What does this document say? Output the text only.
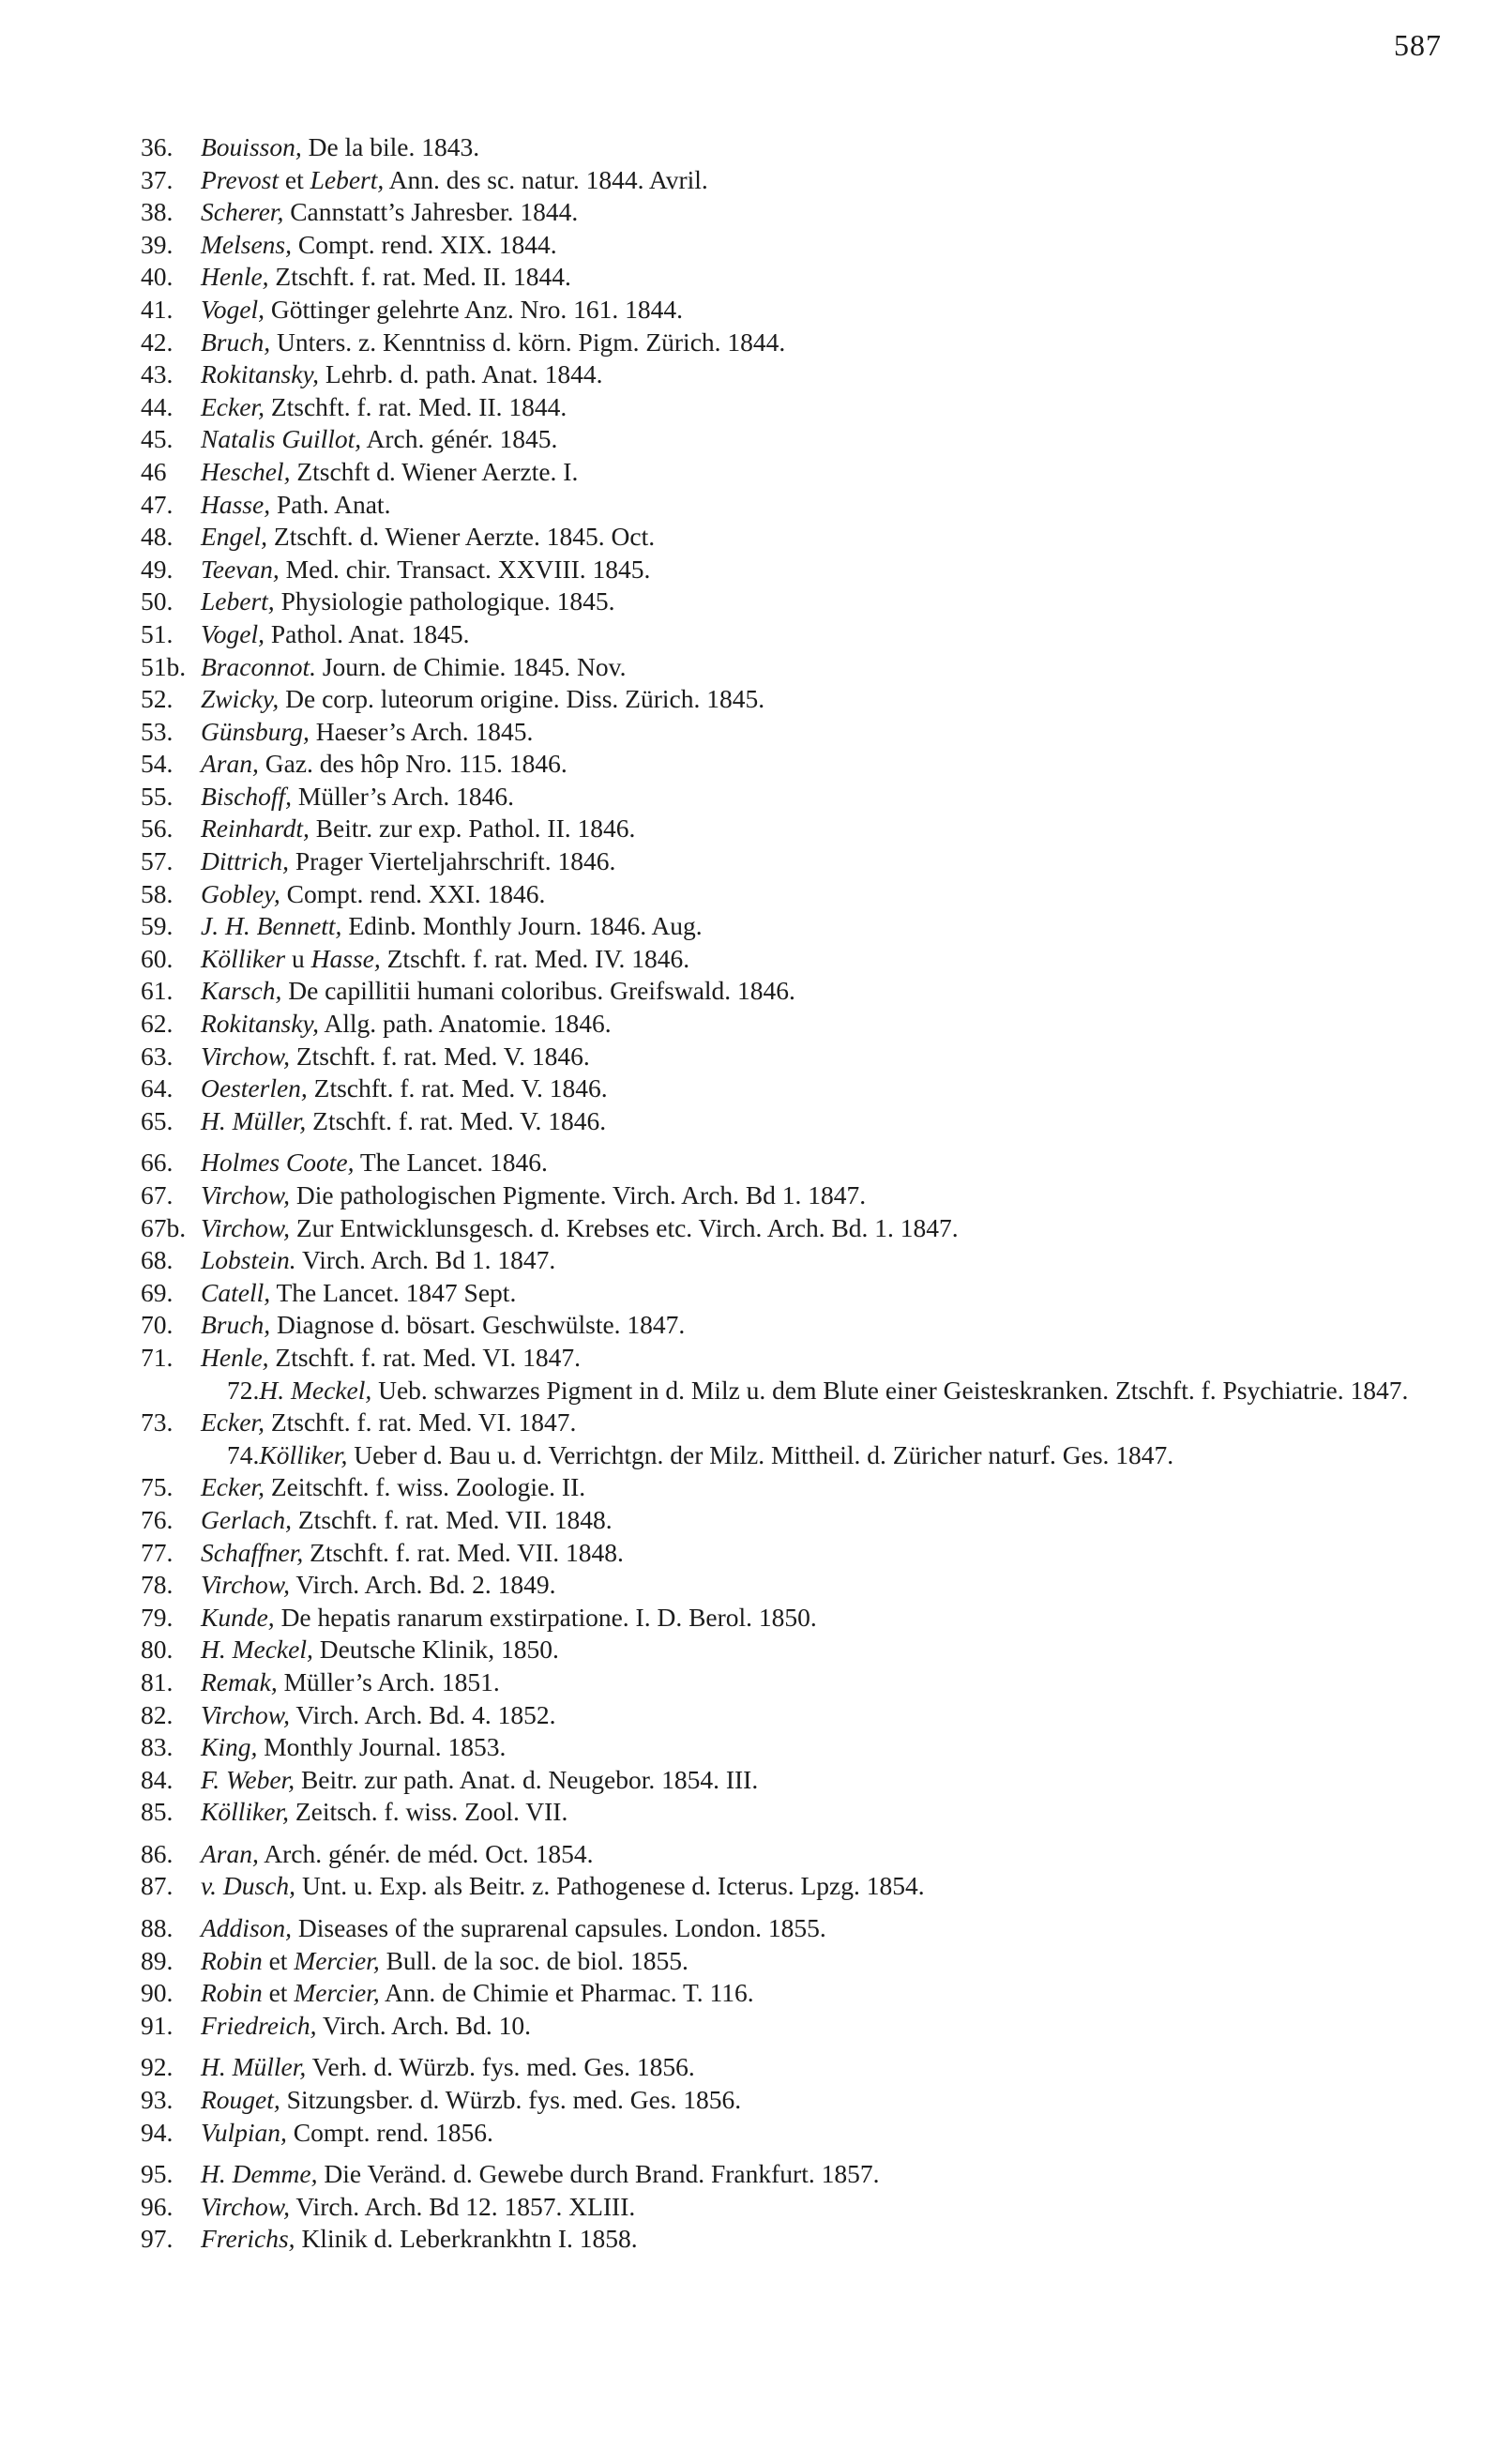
587
36. Bouisson, De la bile. 1843.
37. Prevost et Lebert, Ann. des sc. natur. 1844. Avril.
38. Scherer, Cannstatt’s Jahresber. 1844.
39. Melsens, Compt. rend. XIX. 1844.
40. Henle, Ztschft. f. rat. Med. II. 1844.
41. Vogel, Göttinger gelehrte Anz. Nro. 161. 1844.
42. Bruch, Unters. z. Kenntniss d. körn. Pigm. Zürich. 1844.
43. Rokitansky, Lehrb. d. path. Anat. 1844.
44. Ecker, Ztschft. f. rat. Med. II. 1844.
45. Natalis Guillot, Arch. génér. 1845.
46 Heschel, Ztschft d. Wiener Aerzte. I.
47. Hasse, Path. Anat.
48. Engel, Ztschft. d. Wiener Aerzte. 1845. Oct.
49. Teevan, Med. chir. Transact. XXVIII. 1845.
50. Lebert, Physiologie pathologique. 1845.
51. Vogel, Pathol. Anat. 1845.
51b. Braconnot. Journ. de Chimie. 1845. Nov.
52. Zwicky, De corp. luteorum origine. Diss. Zürich. 1845.
53. Günsburg, Haeser’s Arch. 1845.
54. Aran, Gaz. des hôp Nro. 115. 1846.
55. Bischoff, Müller’s Arch. 1846.
56. Reinhardt, Beitr. zur exp. Pathol. II. 1846.
57. Dittrich, Prager Vierteljahrschrift. 1846.
58. Gobley, Compt. rend. XXI. 1846.
59. J. H. Bennett, Edinb. Monthly Journ. 1846. Aug.
60. Kölliker u Hasse, Ztschft. f. rat. Med. IV. 1846.
61. Karsch, De capillitii humani coloribus. Greifswald. 1846.
62. Rokitansky, Allg. path. Anatomie. 1846.
63. Virchow, Ztschft. f. rat. Med. V. 1846.
64. Oesterlen, Ztschft. f. rat. Med. V. 1846.
65. H. Müller, Ztschft. f. rat. Med. V. 1846.
66. Holmes Coote, The Lancet. 1846.
67. Virchow, Die pathologischen Pigmente. Virch. Arch. Bd 1. 1847.
67b. Virchow, Zur Entwicklunsgesch. d. Krebses etc. Virch. Arch. Bd. 1. 1847.
68. Lobstein. Virch. Arch. Bd 1. 1847.
69. Catell, The Lancet. 1847 Sept.
70. Bruch, Diagnose d. bösart. Geschwülste. 1847.
71. Henle, Ztschft. f. rat. Med. VI. 1847.
72.H. Meckel, Ueb. schwarzes Pigment in d. Milz u. dem Blute einer Geisteskranken. Ztschft. f. Psychiatrie. 1847.
73. Ecker, Ztschft. f. rat. Med. VI. 1847.
74.Kölliker, Ueber d. Bau u. d. Verrichtgn. der Milz. Mittheil. d. Züricher naturf. Ges. 1847.
75. Ecker, Zeitschft. f. wiss. Zoologie. II.
76. Gerlach, Ztschft. f. rat. Med. VII. 1848.
77. Schaffner, Ztschft. f. rat. Med. VII. 1848.
78. Virchow, Virch. Arch. Bd. 2. 1849.
79. Kunde, De hepatis ranarum exstirpatione. I. D. Berol. 1850.
80. H. Meckel, Deutsche Klinik, 1850.
81. Remak, Müller’s Arch. 1851.
82. Virchow, Virch. Arch. Bd. 4. 1852.
83. King, Monthly Journal. 1853.
84. F. Weber, Beitr. zur path. Anat. d. Neugebor. 1854. III.
85. Kölliker, Zeitsch. f. wiss. Zool. VII.
86. Aran, Arch. génér. de méd. Oct. 1854.
87. v. Dusch, Unt. u. Exp. als Beitr. z. Pathogenese d. Icterus. Lpzg. 1854.
88. Addison, Diseases of the suprarenal capsules. London. 1855.
89. Robin et Mercier, Bull. de la soc. de biol. 1855.
90. Robin et Mercier, Ann. de Chimie et Pharmac. T. 116.
91. Friedreich, Virch. Arch. Bd. 10.
92. H. Müller, Verh. d. Würzb. fys. med. Ges. 1856.
93. Rouget, Sitzungsber. d. Würzb. fys. med. Ges. 1856.
94. Vulpian, Compt. rend. 1856.
95. H. Demme, Die Veränd. d. Gewebe durch Brand. Frankfurt. 1857.
96. Virchow, Virch. Arch. Bd 12. 1857. XLIII.
97. Frerichs, Klinik d. Leberkrankhtn I. 1858.
